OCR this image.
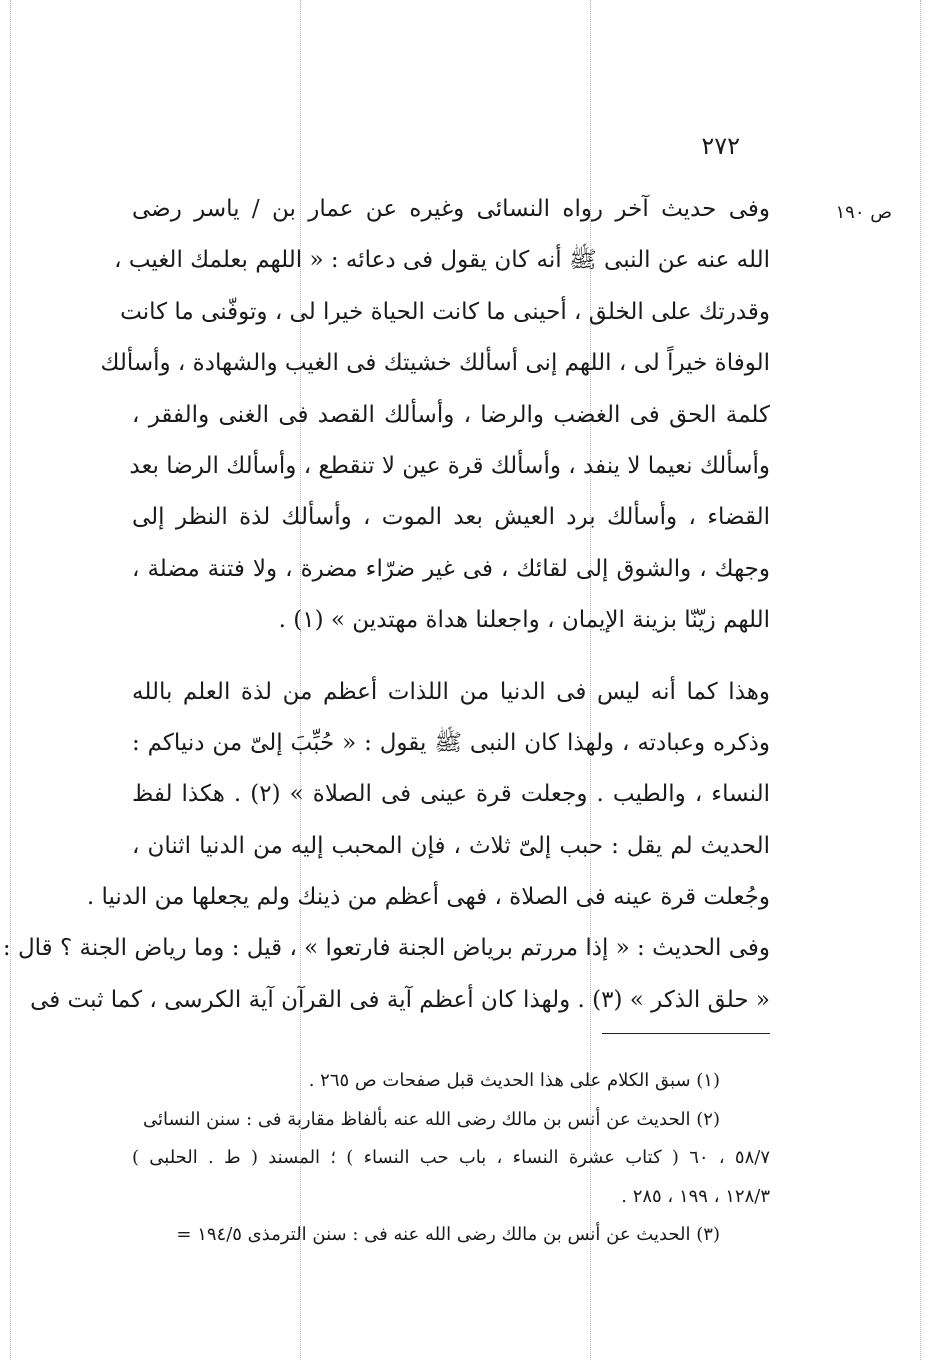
٢٧٢
ص ١٩٠
وفى حديث آخر رواه النسائى وغيره عن عمار بن / ياسر رضى
الله عنه عن النبى ﷺ أنه كان يقول فى دعائه : « اللهم بعلمك الغيب ،
وقدرتك على الخلق ، أحينى ما كانت الحياة خيرا لى ، وتوفّنى ما كانت
الوفاة خيراً لى ، اللهم إنى أسألك خشيتك فى الغيب والشهادة ، وأسألك
كلمة الحق فى الغضب والرضا ، وأسألك القصد فى الغنى والفقر ،
وأسألك نعيما لا ينفد ، وأسألك قرة عين لا تنقطع ، وأسألك الرضا بعد
القضاء ، وأسألك برد العيش بعد الموت ، وأسألك لذة النظر إلى
وجهك ، والشوق إلى لقائك ، فى غير ضرّاء مضرة ، ولا فتنة مضلة ،
اللهم زيّنّا بزينة الإيمان ، واجعلنا هداة مهتدين » (١) .
وهذا كما أنه ليس فى الدنيا من اللذات أعظم من لذة العلم بالله
وذكره وعبادته ، ولهذا كان النبى ﷺ يقول : « حُبِّبَ إلىّ من دنياكم :
النساء ، والطيب . وجعلت قرة عينى فى الصلاة » (٢) . هكذا لفظ
الحديث لم يقل : حبب إلىّ ثلاث ، فإن المحبب إليه من الدنيا اثنان ،
وجُعلت قرة عينه فى الصلاة ، فهى أعظم من ذينك ولم يجعلها من الدنيا .
وفى الحديث : « إذا مررتم برياض الجنة فارتعوا » ، قيل : وما رياض الجنة ؟ قال :
« حلق الذكر » (٣) . ولهذا كان أعظم آية فى القرآن آية الكرسى ، كما ثبت فى
(١) سبق الكلام على هذا الحديث قبل صفحات ص ٢٦٥ .
(٢) الحديث عن أنس بن مالك رضى الله عنه بألفاظ مقاربة فى : سنن النسائى
٥٨/٧ ، ٦٠ ( كتاب عشرة النساء ، باب حب النساء ) ؛ المسند ( ط . الحلبى )
١٢٨/٣ ، ١٩٩ ، ٢٨٥ .
(٣) الحديث عن أنس بن مالك رضى الله عنه فى : سنن الترمذى ١٩٤/٥ =
